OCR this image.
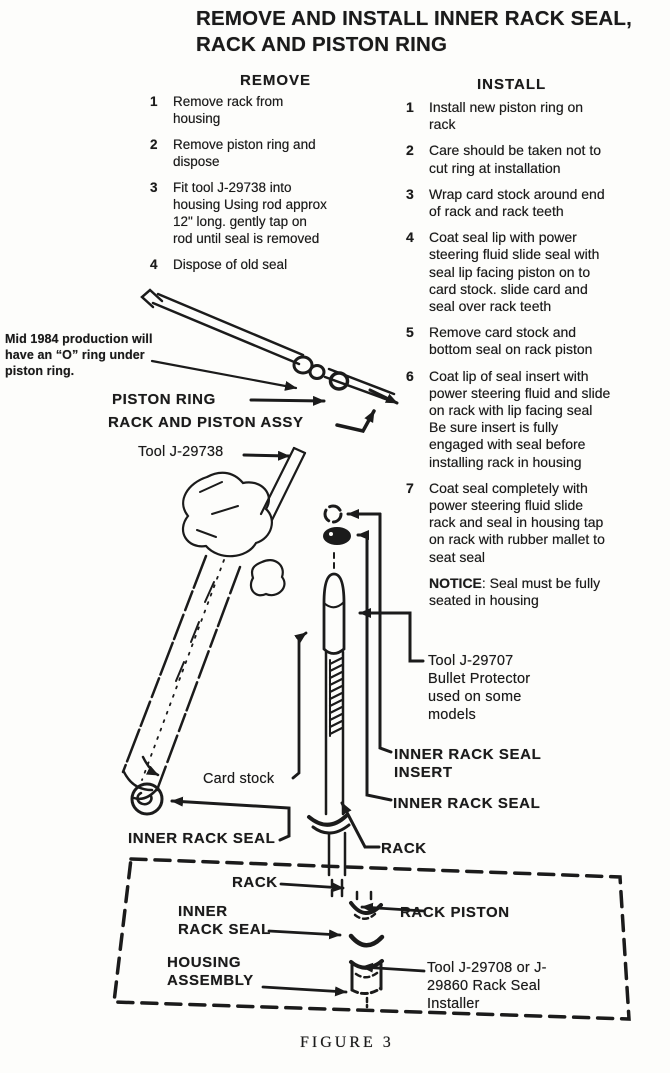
REMOVE AND INSTALL INNER RACK SEAL,
RACK AND PISTON RING
REMOVE	INSTALL
1	Remove rack from housing
2	Remove piston ring and dispose
3	Fit tool J-29738 into housing Using rod approx 12" long. gently tap on rod until seal is removed
4	Dispose of old seal
1	Install new piston ring on rack
2	Care should be taken not to cut ring at installation
3	Wrap card stock around end of rack and rack teeth
4	Coat seal lip with power steering fluid slide seal with seal lip facing piston on to card stock. slide card and seal over rack teeth
5	Remove card stock and bottom seal on rack piston
6	Coat lip of seal insert with power steering fluid and slide on rack with lip facing seal Be sure insert is fully engaged with seal before installing rack in housing
7	Coat seal completely with power steering fluid slide rack and seal in housing tap on rack with rubber mallet to seat seal
NOTICE: Seal must be fully seated in housing
Mid 1984 production will have an “O” ring under piston ring.
PISTON RING
RACK AND PISTON ASSY
Tool J-29738
Tool J-29707 Bullet Protector used on some models
INNER RACK SEAL INSERT
INNER RACK SEAL
RACK
Card stock
INNER RACK SEAL
RACK
INNER RACK SEAL
HOUSING ASSEMBLY
RACK PISTON
Tool J-29708 or J-29860 Rack Seal Installer
FIGURE 3
